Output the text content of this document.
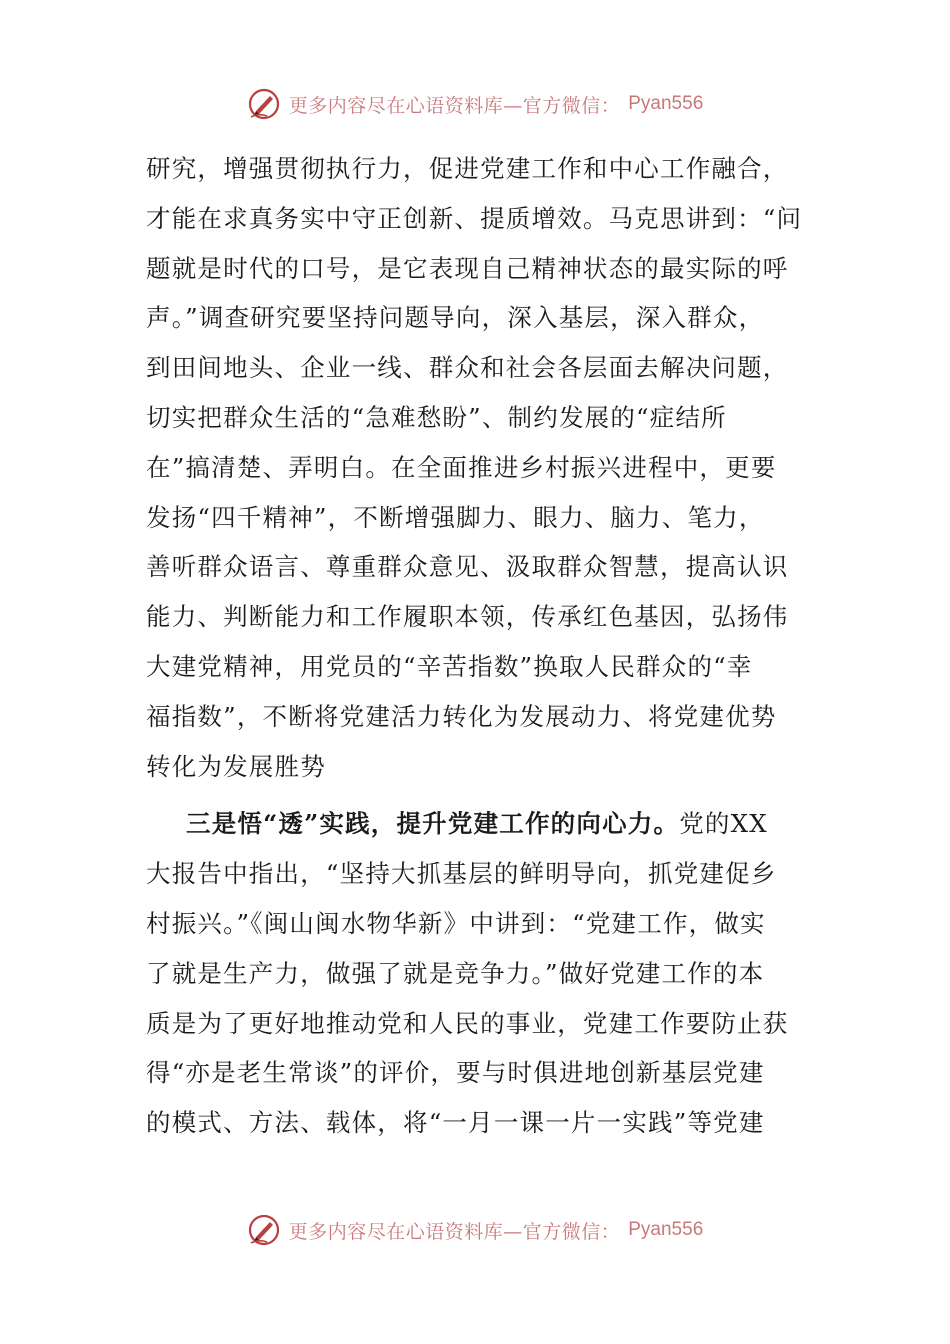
更多内容尽在心语资料库—官方微信： Pyan556
研究，增强贯彻执行力，促进党建工作和中心工作融合，
才能在求真务实中守正创新、提质增效。马克思讲到：“问
题就是时代的口号，是它表现自己精神状态的最实际的呼
声。”调查研究要坚持问题导向，深入基层，深入群众，
到田间地头、企业一线、群众和社会各层面去解决问题，
切实把群众生活的“急难愁盼”、制约发展的“症结所
在”搞清楚、弄明白。在全面推进乡村振兴进程中，更要
发扬“四千精神”，不断增强脚力、眼力、脑力、笔力，
善听群众语言、尊重群众意见、汲取群众智慧，提高认识
能力、判断能力和工作履职本领，传承红色基因，弘扬伟
大建党精神，用党员的“辛苦指数”换取人民群众的“幸
福指数”，不断将党建活力转化为发展动力、将党建优势
转化为发展胜势
三是悟“透”实践，提升党建工作的向心力。党的XX
大报告中指出，“坚持大抓基层的鲜明导向，抓党建促乡
村振兴。”《闽山闽水物华新》中讲到：“党建工作，做实
了就是生产力，做强了就是竞争力。”做好党建工作的本
质是为了更好地推动党和人民的事业，党建工作要防止获
得“亦是老生常谈”的评价，要与时俱进地创新基层党建
的模式、方法、载体，将“一月一课一片一实践”等党建
更多内容尽在心语资料库—官方微信： Pyan556
